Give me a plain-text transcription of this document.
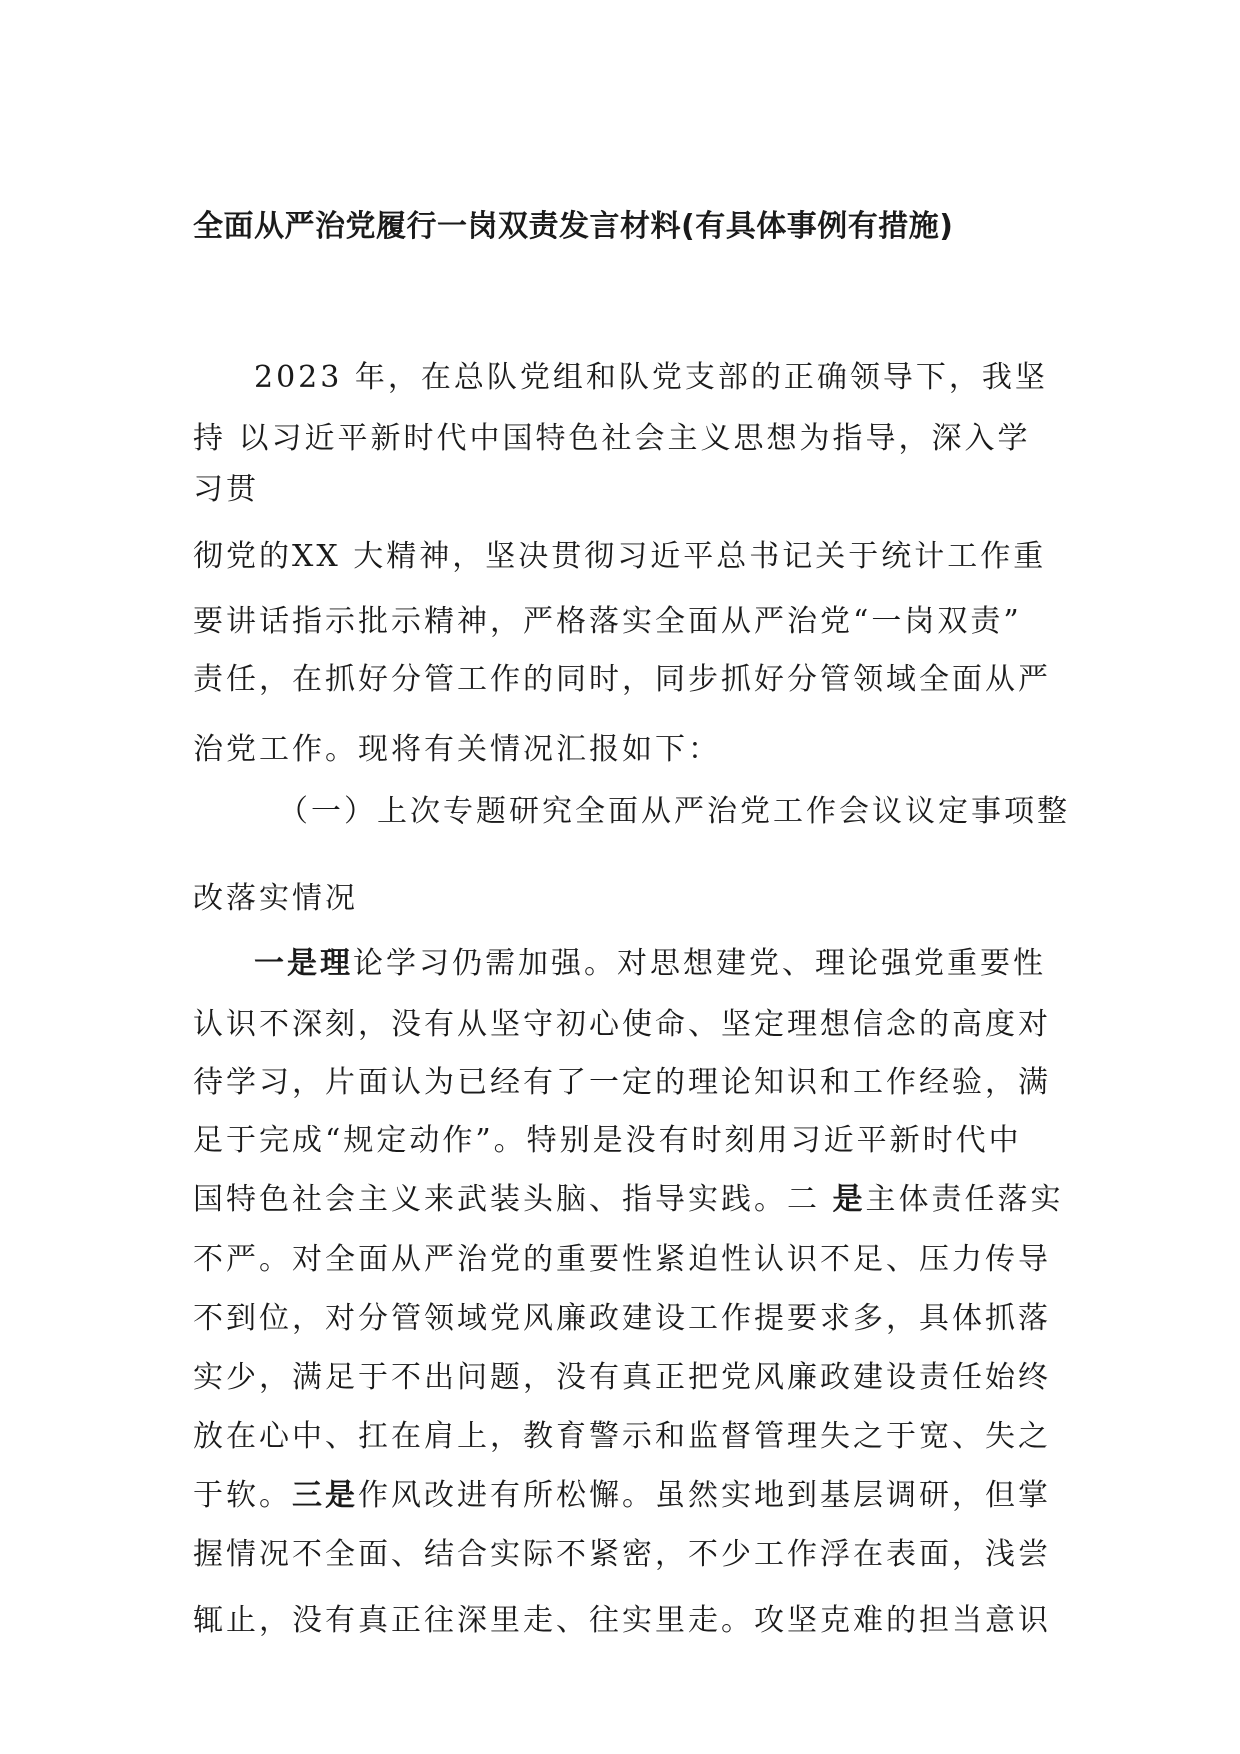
全面从严治党履行一岗双责发言材料(有具体事例有措施)
2023 年，在总队党组和队党支部的正确领导下，我坚
持 以习近平新时代中国特色社会主义思想为指导，深入学
习贯
彻党的XX 大精神，坚决贯彻习近平总书记关于统计工作重
要讲话指示批示精神，严格落实全面从严治党“一岗双责”
责任，在抓好分管工作的同时，同步抓好分管领域全面从严
治党工作。现将有关情况汇报如下：
（一）上次专题研究全面从严治党工作会议议定事项整
改落实情况
一是理论学习仍需加强。对思想建党、理论强党重要性
认识不深刻，没有从坚守初心使命、坚定理想信念的高度对
待学习，片面认为已经有了一定的理论知识和工作经验，满
足于完成“规定动作”。特别是没有时刻用习近平新时代中
国特色社会主义来武装头脑、指导实践。二 是主体责任落实
不严。对全面从严治党的重要性紧迫性认识不足、压力传导
不到位，对分管领域党风廉政建设工作提要求多，具体抓落
实少，满足于不出问题，没有真正把党风廉政建设责任始终
放在心中、扛在肩上，教育警示和监督管理失之于宽、失之
于软。三是作风改进有所松懈。虽然实地到基层调研，但掌
握情况不全面、结合实际不紧密，不少工作浮在表面，浅尝
辄止，没有真正往深里走、往实里走。攻坚克难的担当意识
